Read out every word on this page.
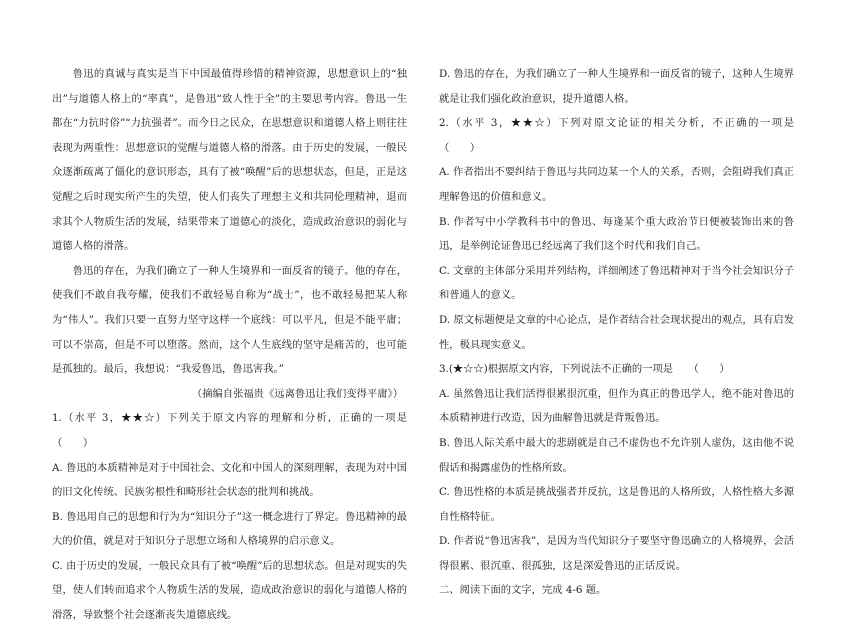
鲁迅的真诚与真实是当下中国最值得珍惜的精神资源，思想意识上的“独出”与道德人格上的“率真”，是鲁迅“致人性于全”的主要思考内容。鲁迅一生都在“力抗时俗”“力抗强者”。而今日之民众，在思想意识和道德人格上则往往表现为两重性：思想意识的觉醒与道德人格的滑落。由于历史的发展，一般民众逐渐疏离了僵化的意识形态，具有了被“唤醒”后的思想状态，但是，正是这觉醒之后时现实所产生的失望，使人们丧失了理想主义和共同伦理精神，退而求其个人物质生活的发展，结果带来了道德心的淡化，造成政治意识的弱化与道德人格的滑落。

鲁迅的存在，为我们确立了一种人生境界和一面反省的镜子。他的存在，使我们不敢自我夸耀，使我们不敢轻易自称为“战士”，也不敢轻易把某人称为“伟人”。我们只要一直努力坚守这样一个底线：可以平凡，但是不能平庸；可以不崇高，但是不可以堕落。然而，这个人生底线的坚守是痛苦的，也可能是孤独的。最后，我想说：“我爱鲁迅，鲁迅害我。”

（摘编自张福贵《远离鲁迅让我们变得平庸》）

1.（水平 3，★★☆）下列关于原文内容的理解和分析，正确的一项是　（　　）

A. 鲁迅的本质精神是对于中国社会、文化和中国人的深刻理解，表现为对中国的旧文化传统、民族劣根性和畸形社会状态的批判和挑战。

B. 鲁迅用自己的思想和行为为“知识分子”这一概念进行了界定。鲁迅精神的最大的价值，就是对于知识分子思想立场和人格境界的启示意义。

C. 由于历史的发展，一般民众具有了被“唤醒”后的思想状态。但是对现实的失望，使人们转而追求个人物质生活的发展，造成政治意识的弱化与道德人格的滑落，导致整个社会逐渐丧失道德底线。

D. 鲁迅的存在，为我们确立了一种人生境界和一面反省的镜子，这种人生境界就是让我们强化政治意识，提升道德人格。

2.（水平 3，★★☆）下列对原文论证的相关分析，不正确的一项是　　（　　）

A. 作者指出不要纠结于鲁迅与共同边某一个人的关系，否则，会阻碍我们真正理解鲁迅的价值和意义。

B. 作者写中小学教科书中的鲁迅、每逢某个重大政治节日便被装饰出来的鲁迅，是举例论证鲁迅已经远离了我们这个时代和我们自己。

C. 文章的主体部分采用并列结构，详细阐述了鲁迅精神对于当今社会知识分子和普通人的意义。

D. 原文标题便是文章的中心论点，是作者结合社会现状提出的观点，具有启发性，极具现实意义。

3.(★☆☆)根据原文内容，下列说法不正确的一项是　　（　　）

A. 虽然鲁迅让我们活得很累很沉重，但作为真正的鲁迅学人，绝不能对鲁迅的本质精神进行改造，因为曲解鲁迅就是背叛鲁迅。

B. 鲁迅人际关系中最大的悲剧就是自己不虚伪也不允许别人虚伪，这由他不说假话和揭露虚伪的性格所致。

C. 鲁迅性格的本质是挑战强者并反抗，这是鲁迅的人格所致，人格性格大多源自性格特征。

D. 作者说“鲁迅害我”，是因为当代知识分子要坚守鲁迅确立的人格境界，会活得很累、很沉重、很孤独，这是深爱鲁迅的正话反说。

二、阅读下面的文字，完成 4-6 题。
